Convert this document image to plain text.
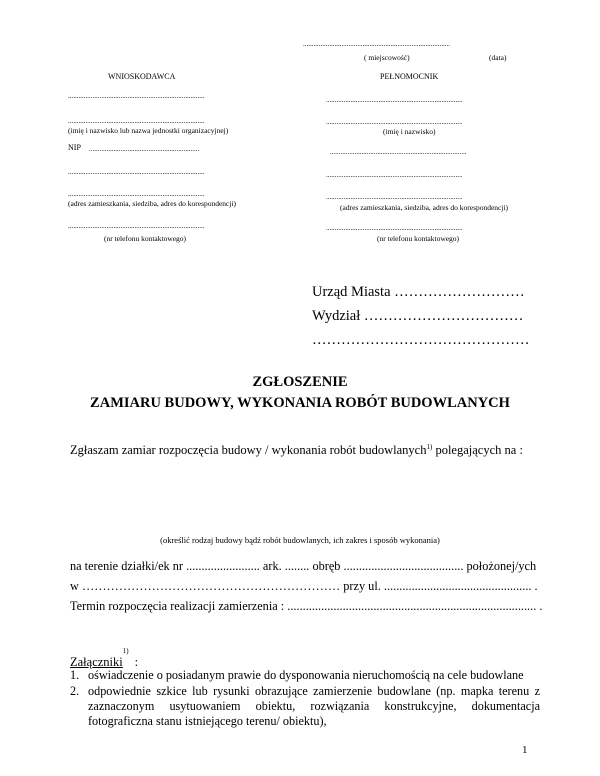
....................................................................................
( miejscowość)	(data)
WNIOSKODAWCA
..............................................................................
..............................................................................
(imię i nazwisko lub nazwa jednostki organizacyjnej)
NIP ...............................................................
..............................................................................
..............................................................................
(adres zamieszkania, siedziba, adres do korespondencji)
..............................................................................
(nr telefonu kontaktowego)
PEŁNOMOCNIK
..............................................................................
..............................................................................
(imię i nazwisko)
..............................................................................
..............................................................................
..............................................................................
(adres zamieszkania, siedziba, adres do korespondencji)
..............................................................................
(nr telefonu kontaktowego)
Urząd Miasta ………………………
Wydział ……………………………
………………………………………
ZGŁOSZENIE
ZAMIARU BUDOWY, WYKONANIA ROBÓT BUDOWLANYCH
Zgłaszam zamiar rozpoczęcia budowy / wykonania robót budowlanych$^{1)}$ polegających na :
(określić rodzaj budowy bądź robót budowlanych, ich zakres i sposób wykonania)
na terenie działki/ek nr ........................ ark. ........ obręb ....................................... położonej/ych
w ……………………………………………………… przy ul. ................................................ .
Termin rozpoczęcia realizacji zamierzenia : ................................................................................. .
Załączniki$^{1)}$:
1. oświadczenie o posiadanym prawie do dysponowania nieruchomością na cele budowlane
2. odpowiednie szkice lub rysunki obrazujące zamierzenie budowlane (np. mapka terenu z zaznaczonym usytuowaniem obiektu, rozwiązania konstrukcyjne, dokumentacja fotograficzna stanu istniejącego terenu/ obiektu),
1
